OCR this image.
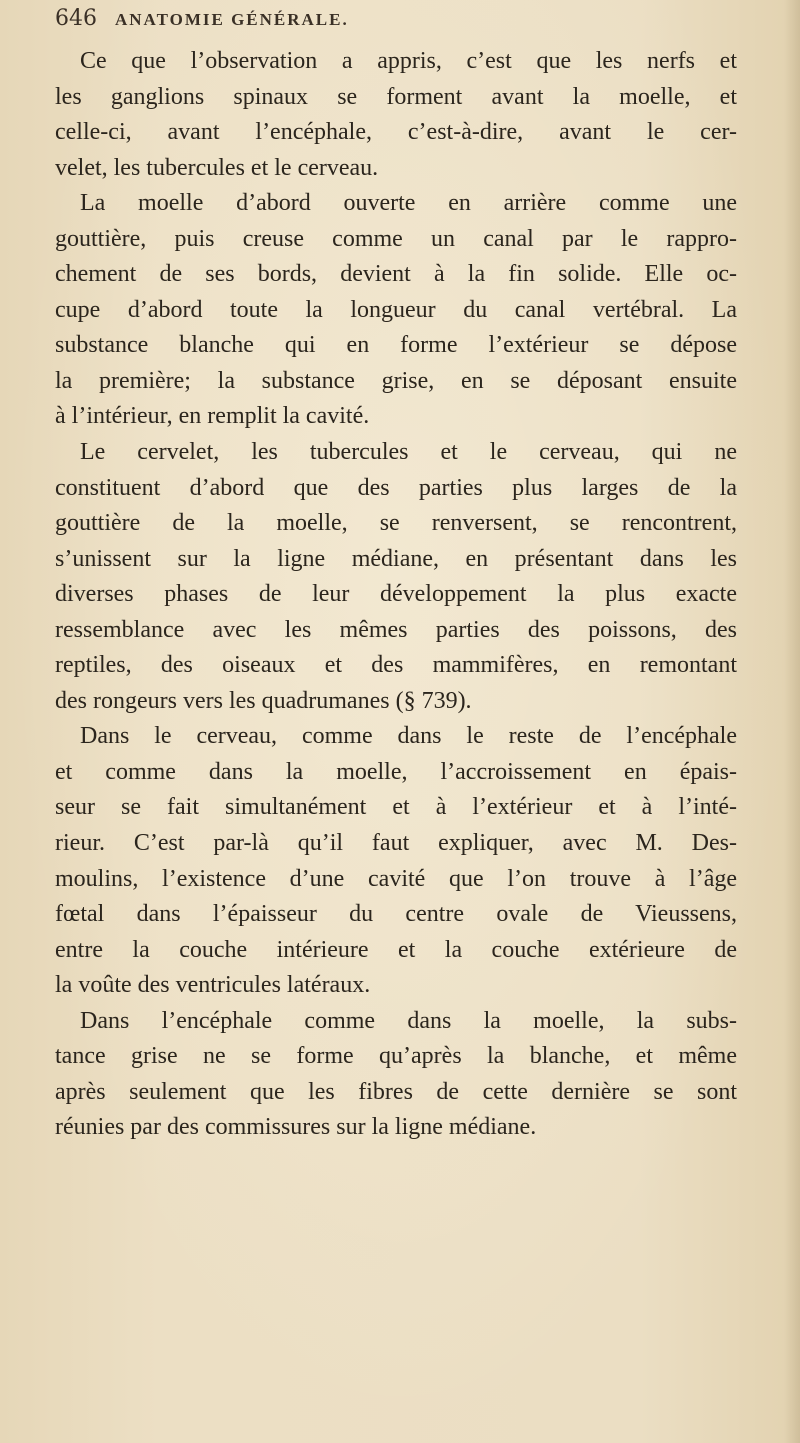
646 ANATOMIE GÉNÉRALE.
Ce que l’observation a appris, c’est que les nerfs et
les ganglions spinaux se forment avant la moelle, et
celle-ci, avant l’encéphale, c’est-à-dire, avant le cer-
velet, les tubercules et le cerveau.
La moelle d’abord ouverte en arrière comme une
gouttière, puis creuse comme un canal par le rappro-
chement de ses bords, devient à la fin solide. Elle oc-
cupe d’abord toute la longueur du canal vertébral. La
substance blanche qui en forme l’extérieur se dépose
la première; la substance grise, en se déposant ensuite
à l’intérieur, en remplit la cavité.
Le cervelet, les tubercules et le cerveau, qui ne
constituent d’abord que des parties plus larges de la
gouttière de la moelle, se renversent, se rencontrent,
s’unissent sur la ligne médiane, en présentant dans les
diverses phases de leur développement la plus exacte
ressemblance avec les mêmes parties des poissons, des
reptiles, des oiseaux et des mammifères, en remontant
des rongeurs vers les quadrumanes (§ 739).
Dans le cerveau, comme dans le reste de l’encéphale
et comme dans la moelle, l’accroissement en épais-
seur se fait simultanément et à l’extérieur et à l’inté-
rieur. C’est par-là qu’il faut expliquer, avec M. Des-
moulins, l’existence d’une cavité que l’on trouve à l’âge
fœtal dans l’épaisseur du centre ovale de Vieussens,
entre la couche intérieure et la couche extérieure de
la voûte des ventricules latéraux.
Dans l’encéphale comme dans la moelle, la subs-
tance grise ne se forme qu’après la blanche, et même
après seulement que les fibres de cette dernière se sont
réunies par des commissures sur la ligne médiane.
